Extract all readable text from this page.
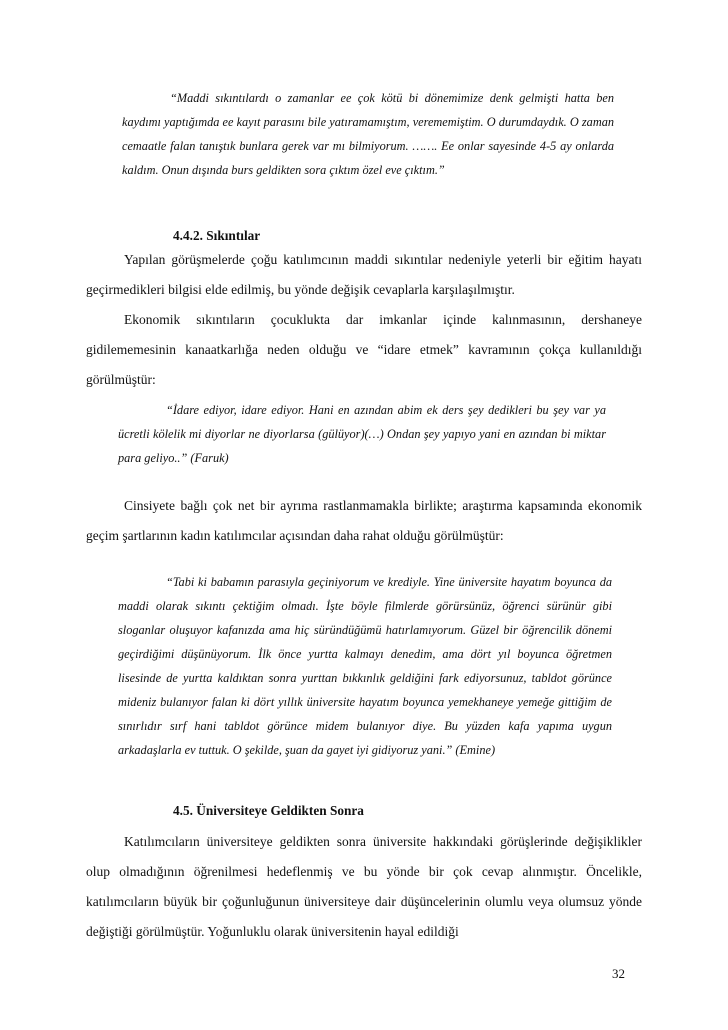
“Maddi sıkıntılardı o zamanlar ee çok kötü bi dönemimize denk gelmişti hatta ben kaydımı yaptığımda ee kayıt parasını bile yatıramamıştım, verememiştim. O durumdaydık. O zaman cemaatle falan tanıştık bunlara gerek var mı bilmiyorum. ……. Ee onlar sayesinde 4-5 ay onlarda kaldım. Onun dışında burs geldikten sora çıktım özel eve çıktım.”

4.4.2. Sıkıntılar

Yapılan görüşmelerde çoğu katılımcının maddi sıkıntılar nedeniyle yeterli bir eğitim hayatı geçirmedikleri bilgisi elde edilmiş, bu yönde değişik cevaplarla karşılaşılmıştır.

Ekonomik sıkıntıların çocuklukta dar imkanlar içinde kalınmasının, dershaneye gidilememesinin kanaatkarlığa neden olduğu ve “idare etmek” kavramının çokça kullanıldığı görülmüştür:

“İdare ediyor, idare ediyor. Hani en azından abim ek ders şey dedikleri bu şey var ya ücretli kölelik mi diyorlar ne diyorlarsa (gülüyor)(…) Ondan şey yapıyo yani en azından bi miktar para geliyo..” (Faruk)

Cinsiyete bağlı çok net bir ayrıma rastlanmamakla birlikte; araştırma kapsamında ekonomik geçim şartlarının kadın katılımcılar açısından daha rahat olduğu görülmüştür:

“Tabi ki babamın parasıyla geçiniyorum ve krediyle. Yine üniversite hayatım boyunca da maddi olarak sıkıntı çektiğim olmadı. İşte böyle filmlerde görürsünüz, öğrenci sürünür gibi sloganlar oluşuyor kafanızda ama hiç süründüğümü hatırlamıyorum. Güzel bir öğrencilik dönemi geçirdiğimi düşünüyorum. İlk önce yurtta kalmayı denedim, ama dört yıl boyunca öğretmen lisesinde de yurtta kaldıktan sonra yurttan bıkkınlık geldiğini fark ediyorsunuz, tabldot görünce mideniz bulanıyor falan ki dört yıllık üniversite hayatım boyunca yemekhaneye yemeğe gittiğim de sınırlıdır sırf hani tabldot görünce midem bulanıyor diye. Bu yüzden kafa yapıma uygun arkadaşlarla ev tuttuk. O şekilde, şuan da gayet iyi gidiyoruz yani.” (Emine)

4.5. Üniversiteye Geldikten Sonra

Katılımcıların üniversiteye geldikten sonra üniversite hakkındaki görüşlerinde değişiklikler olup olmadığının öğrenilmesi hedeflenmiş ve bu yönde bir çok cevap alınmıştır. Öncelikle, katılımcıların büyük bir çoğunluğunun üniversiteye dair düşüncelerinin olumlu veya olumsuz yönde değiştiği görülmüştür. Yoğunluklu olarak üniversitenin hayal edildiği

32
